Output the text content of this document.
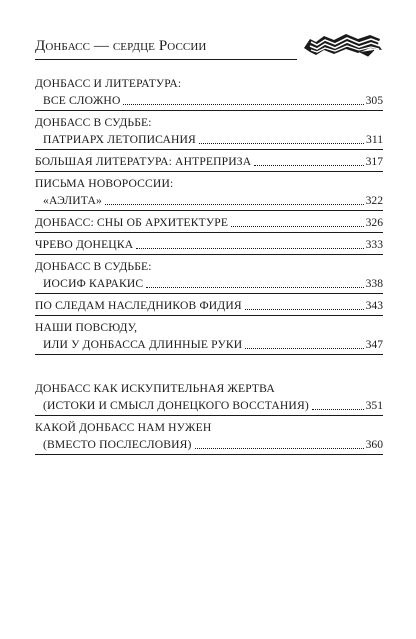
Донбасс — сердце России
ДОНБАСС И ЛИТЕРАТУРА:
ВСЕ СЛОЖНО	305
ДОНБАСС В СУДЬБЕ:
ПАТРИАРХ ЛЕТОПИСАНИЯ	311
БОЛЬШАЯ ЛИТЕРАТУРА: АНТРЕПРИЗА	317
ПИСЬМА НОВОРОССИИ:
«АЭЛИТА»	322
ДОНБАСС: СНЫ ОБ АРХИТЕКТУРЕ	326
ЧРЕВО ДОНЕЦКА	333
ДОНБАСС В СУДЬБЕ:
ИОСИФ КАРАКИС	338
ПО СЛЕДАМ НАСЛЕДНИКОВ ФИДИЯ	343
НАШИ ПОВСЮДУ,
ИЛИ У ДОНБАССА ДЛИННЫЕ РУКИ	347
ДОНБАСС КАК ИСКУПИТЕЛЬНАЯ ЖЕРТВА
(ИСТОКИ И СМЫСЛ ДОНЕЦКОГО ВОССТАНИЯ)	351
КАКОЙ ДОНБАСС НАМ НУЖЕН
(ВМЕСТО ПОСЛЕСЛОВИЯ)	360
